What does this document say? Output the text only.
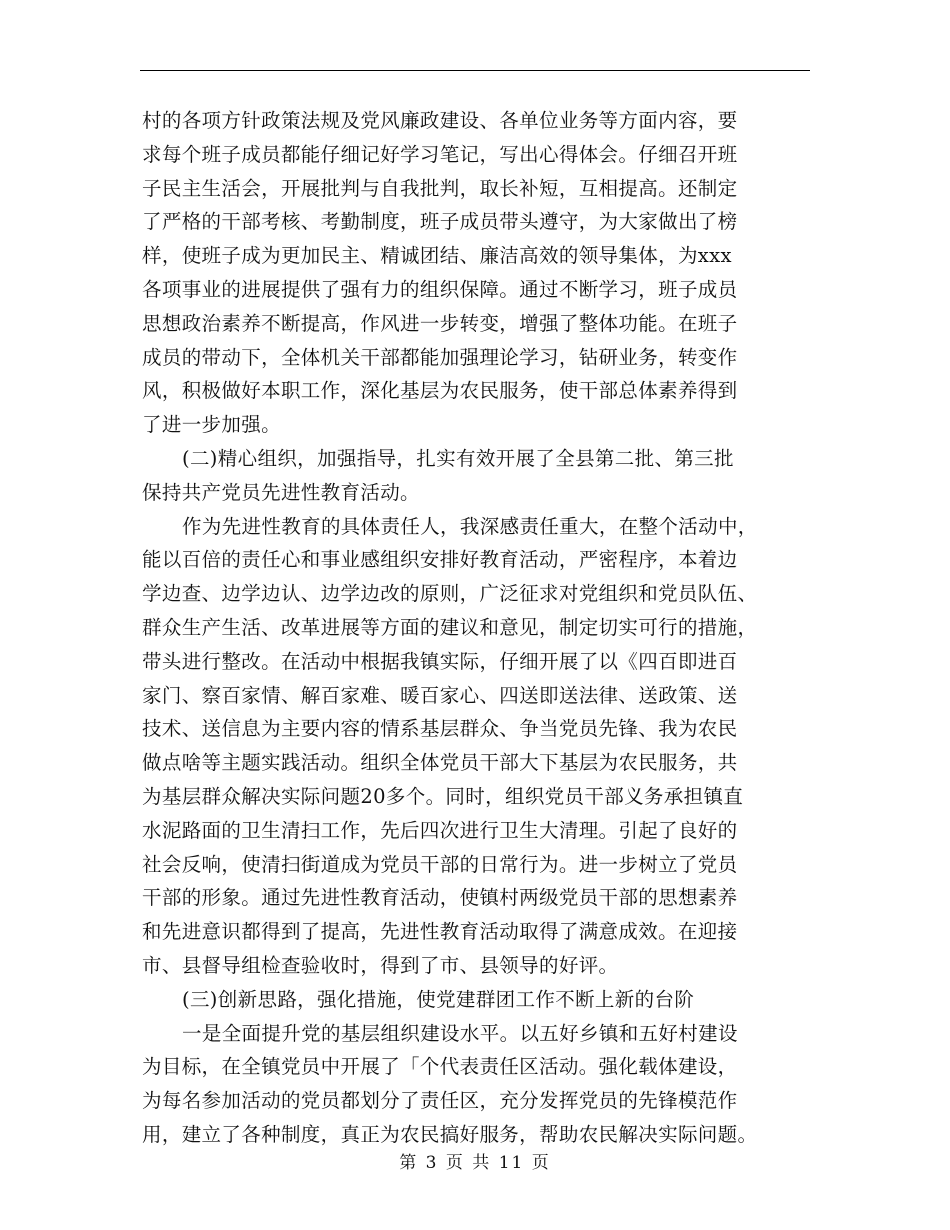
村的各项方针政策法规及党风廉政建设、各单位业务等方面内容，要
求每个班子成员都能仔细记好学习笔记，写出心得体会。仔细召开班
子民主生活会，开展批判与自我批判，取长补短，互相提高。还制定
了严格的干部考核、考勤制度，班子成员带头遵守，为大家做出了榜
样，使班子成为更加民主、精诚团结、廉洁高效的领导集体，为xxx
各项事业的进展提供了强有力的组织保障。通过不断学习，班子成员
思想政治素养不断提高，作风进一步转变，增强了整体功能。在班子
成员的带动下，全体机关干部都能加强理论学习，钻研业务，转变作
风，积极做好本职工作，深化基层为农民服务，使干部总体素养得到
了进一步加强。
(二)精心组织，加强指导，扎实有效开展了全县第二批、第三批
保持共产党员先进性教育活动。
作为先进性教育的具体责任人，我深感责任重大，在整个活动中，
能以百倍的责任心和事业感组织安排好教育活动，严密程序，本着边
学边查、边学边认、边学边改的原则，广泛征求对党组织和党员队伍、
群众生产生活、改革进展等方面的建议和意见，制定切实可行的措施，
带头进行整改。在活动中根据我镇实际，仔细开展了以《四百即进百
家门、察百家情、解百家难、暖百家心、四送即送法律、送政策、送
技术、送信息为主要内容的情系基层群众、争当党员先锋、我为农民
做点啥等主题实践活动。组织全体党员干部大下基层为农民服务，共
为基层群众解决实际问题20多个。同时，组织党员干部义务承担镇直
水泥路面的卫生清扫工作，先后四次进行卫生大清理。引起了良好的
社会反响，使清扫街道成为党员干部的日常行为。进一步树立了党员
干部的形象。通过先进性教育活动，使镇村两级党员干部的思想素养
和先进意识都得到了提高，先进性教育活动取得了满意成效。在迎接
市、县督导组检查验收时，得到了市、县领导的好评。
(三)创新思路，强化措施，使党建群团工作不断上新的台阶
一是全面提升党的基层组织建设水平。以五好乡镇和五好村建设
为目标，在全镇党员中开展了「个代表责任区活动。强化载体建设，
为每名参加活动的党员都划分了责任区，充分发挥党员的先锋模范作
用，建立了各种制度，真正为农民搞好服务，帮助农民解决实际问题。
第 3 页 共 11 页
